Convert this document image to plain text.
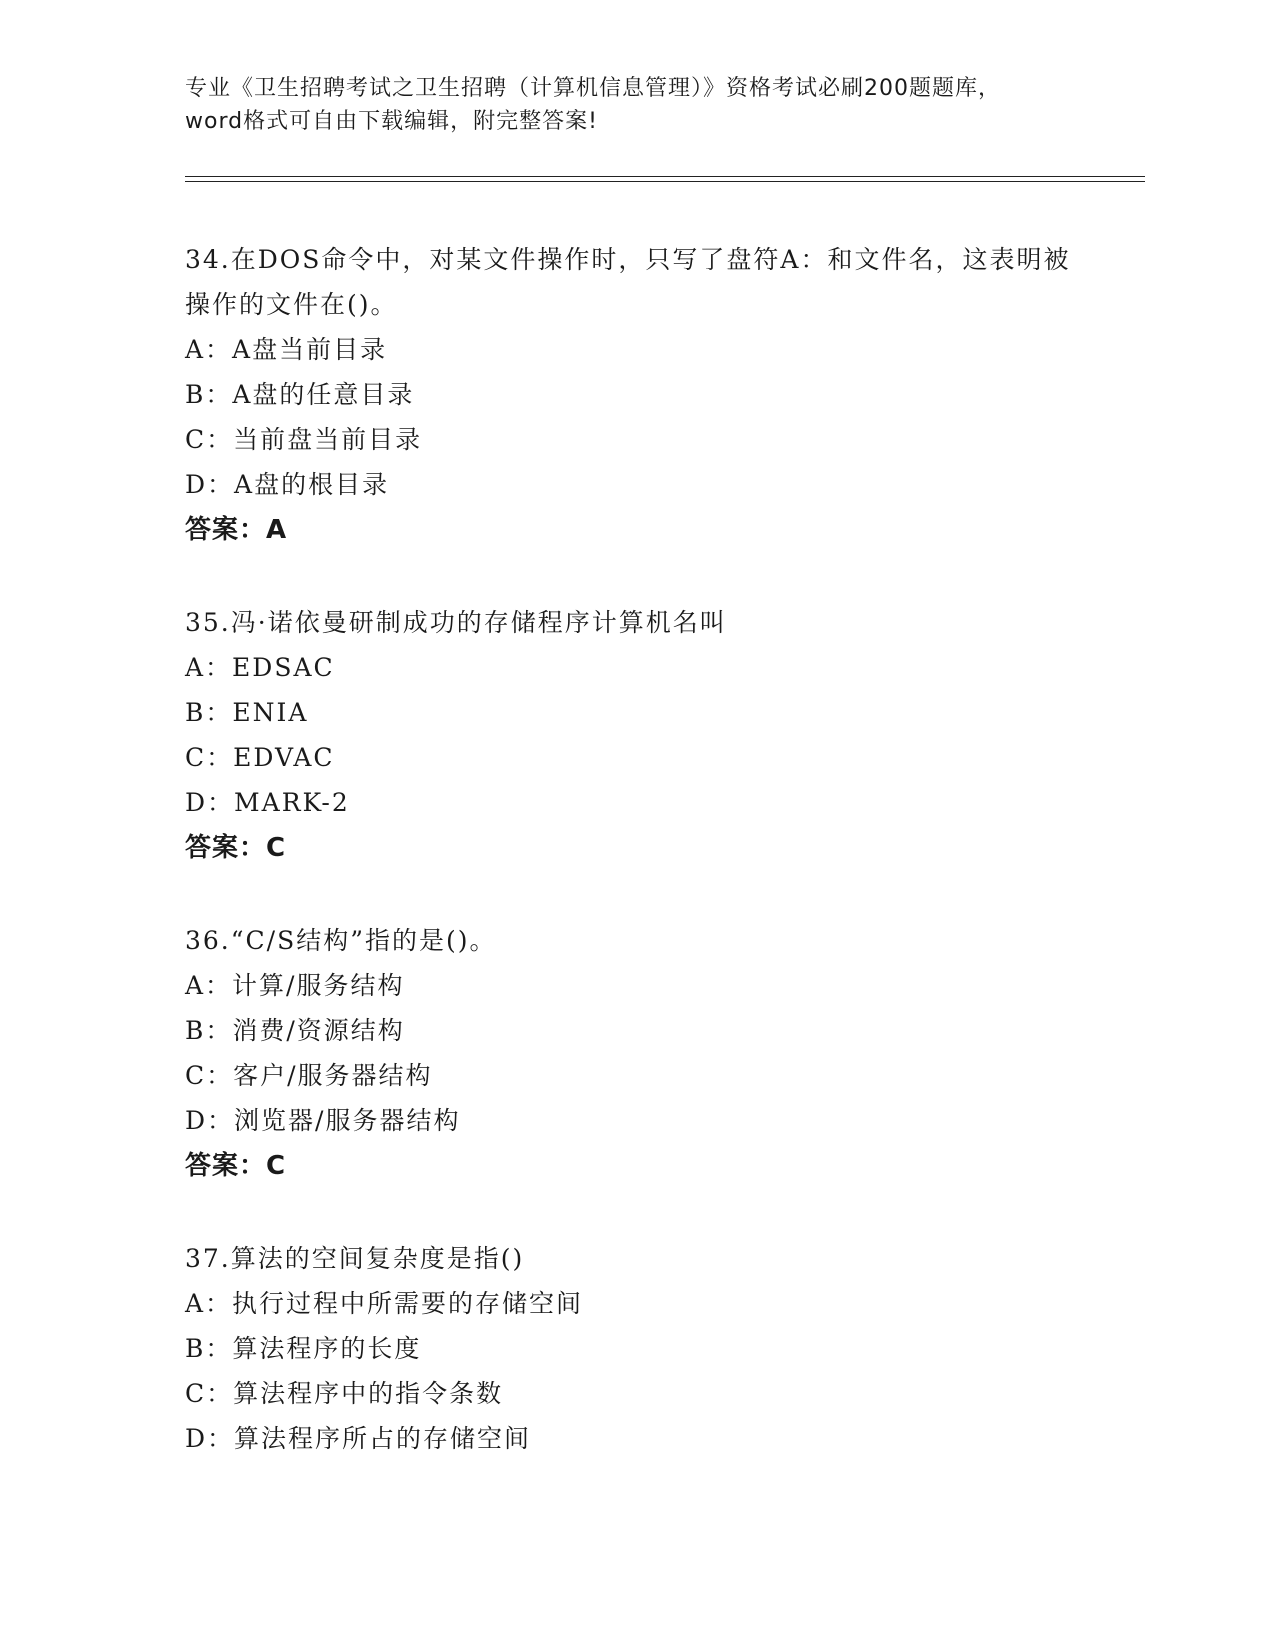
专业《卫生招聘考试之卫生招聘（计算机信息管理）》资格考试必刷200题题库，
word格式可自由下载编辑，附完整答案!
34.在DOS命令中，对某文件操作时，只写了盘符A：和文件名，这表明被操作的文件在()。
A：A盘当前目录
B：A盘的任意目录
C：当前盘当前目录
D：A盘的根目录
答案：A
35.冯·诺依曼研制成功的存储程序计算机名叫
A：EDSAC
B：ENIA
C：EDVAC
D：MARK-2
答案：C
36.“C/S结构”指的是()。
A：计算/服务结构
B：消费/资源结构
C：客户/服务器结构
D：浏览器/服务器结构
答案：C
37.算法的空间复杂度是指()
A：执行过程中所需要的存储空间
B：算法程序的长度
C：算法程序中的指令条数
D：算法程序所占的存储空间
